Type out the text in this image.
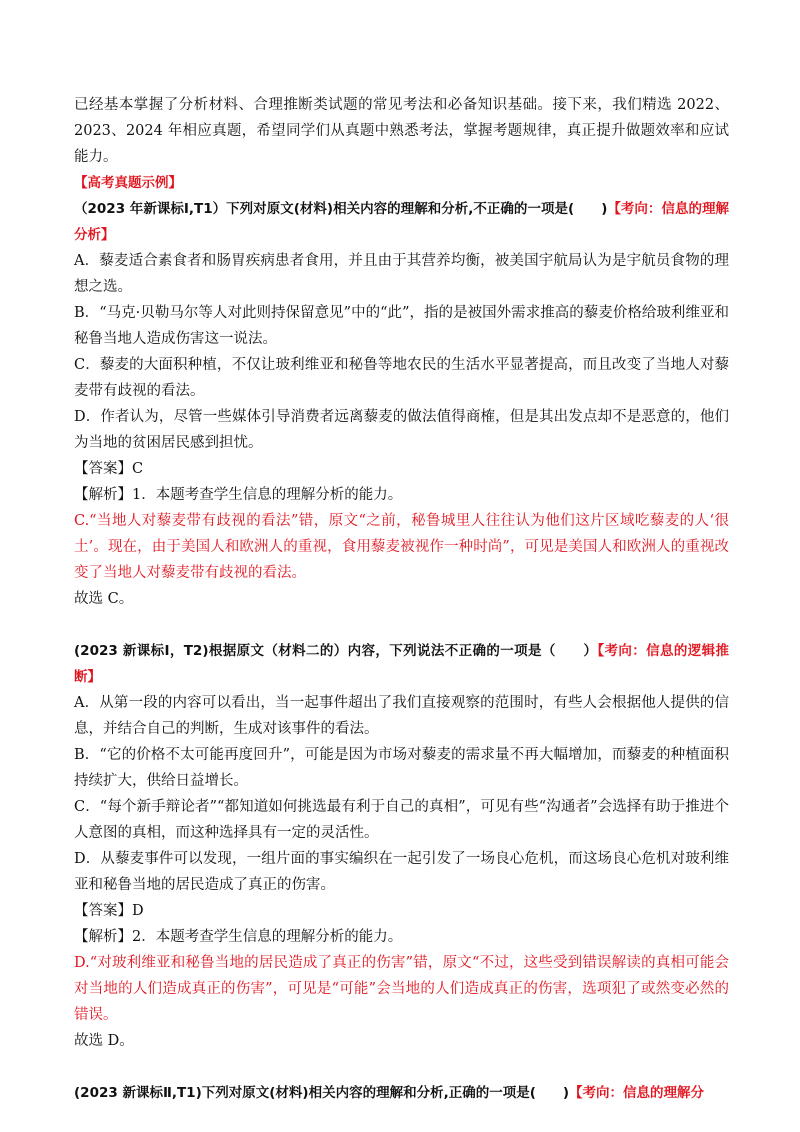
已经基本掌握了分析材料、合理推断类试题的常见考法和必备知识基础。接下来，我们精选 2022、2023、2024 年相应真题，希望同学们从真题中熟悉考法，掌握考题规律，真正提升做题效率和应试能力。

【高考真题示例】

（2023 年新课标Ⅰ,T1）下列对原文(材料)相关内容的理解和分析,不正确的一项是(　　)【考向：信息的理解分析】

A．藜麦适合素食者和肠胃疾病患者食用，并且由于其营养均衡，被美国宇航局认为是宇航员食物的理想之选。

B．“马克·贝勒马尔等人对此则持保留意见”中的“此”，指的是被国外需求推高的藜麦价格给玻利维亚和秘鲁当地人造成伤害这一说法。

C．藜麦的大面积种植，不仅让玻利维亚和秘鲁等地农民的生活水平显著提高，而且改变了当地人对藜麦带有歧视的看法。

D．作者认为，尽管一些媒体引导消费者远离藜麦的做法值得商榷，但是其出发点却不是恶意的，他们为当地的贫困居民感到担忧。

【答案】C

【解析】1．本题考查学生信息的理解分析的能力。

C.“当地人对藜麦带有歧视的看法”错，原文“之前，秘鲁城里人往往认为他们这片区域吃藜麦的人‘很土’。现在，由于美国人和欧洲人的重视，食用藜麦被视作一种时尚”，可见是美国人和欧洲人的重视改变了当地人对藜麦带有歧视的看法。

故选 C。

(2023 新课标Ⅰ，T2)根据原文（材料二的）内容，下列说法不正确的一项是（　　）【考向：信息的逻辑推断】

A．从第一段的内容可以看出，当一起事件超出了我们直接观察的范围时，有些人会根据他人提供的信息，并结合自己的判断，生成对该事件的看法。

B．“它的价格不太可能再度回升”，可能是因为市场对藜麦的需求量不再大幅增加，而藜麦的种植面积持续扩大，供给日益增长。

C．“每个新手辩论者”“都知道如何挑选最有利于自己的真相”，可见有些“沟通者”会选择有助于推进个人意图的真相，而这种选择具有一定的灵活性。

D．从藜麦事件可以发现，一组片面的事实编织在一起引发了一场良心危机，而这场良心危机对玻利维亚和秘鲁当地的居民造成了真正的伤害。

【答案】D

【解析】2．本题考查学生信息的理解分析的能力。

D.“对玻利维亚和秘鲁当地的居民造成了真正的伤害”错，原文“不过，这些受到错误解读的真相可能会对当地的人们造成真正的伤害”，可见是“可能”会当地的人们造成真正的伤害，选项犯了或然变必然的错误。

故选 D。

(2023 新课标Ⅱ,T1)下列对原文(材料)相关内容的理解和分析,正确的一项是(　　)【考向：信息的理解分
